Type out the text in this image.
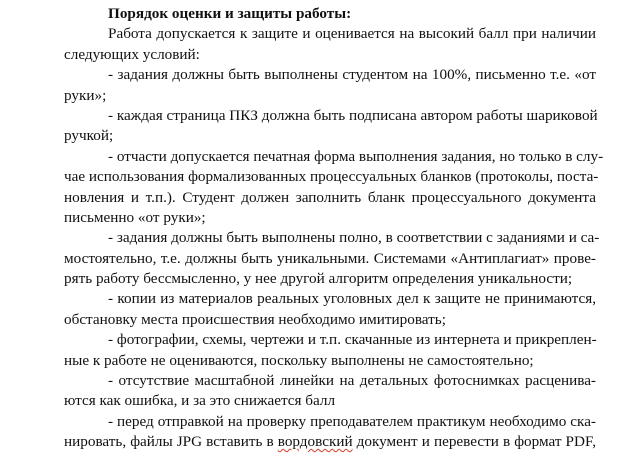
Порядок оценки и защиты работы:
Работа допускается к защите и оценивается на высокий балл при наличии
следующих условий:
- задания должны быть выполнены студентом на 100%, письменно т.е. «от
руки»;
- каждая страница ПКЗ должна быть подписана автором работы шариковой
ручкой;
- отчасти допускается печатная форма выполнения задания, но только в слу-
чае использования формализованных процессуальных бланков (протоколы, поста-
новления и т.п.). Студент должен заполнить бланк процессуального документа
письменно «от руки»;
- задания должны быть выполнены полно, в соответствии с заданиями и са-
мостоятельно, т.е. должны быть уникальными. Системами «Антиплагиат» прове-
рять работу бессмысленно, у нее другой алгоритм определения уникальности;
- копии из материалов реальных уголовных дел к защите не принимаются,
обстановку места происшествия необходимо имитировать;
- фотографии, схемы, чертежи и т.п. скачанные из интернета и прикреплен-
ные к работе не оцениваются, поскольку выполнены не самостоятельно;
- отсутствие масштабной линейки на детальных фотоснимках расценива-
ются как ошибка, и за это снижается балл
- перед отправкой на проверку преподавателем практикум необходимо ска-
нировать, файлы JPG вставить в вордовский документ и перевести в формат PDF,
